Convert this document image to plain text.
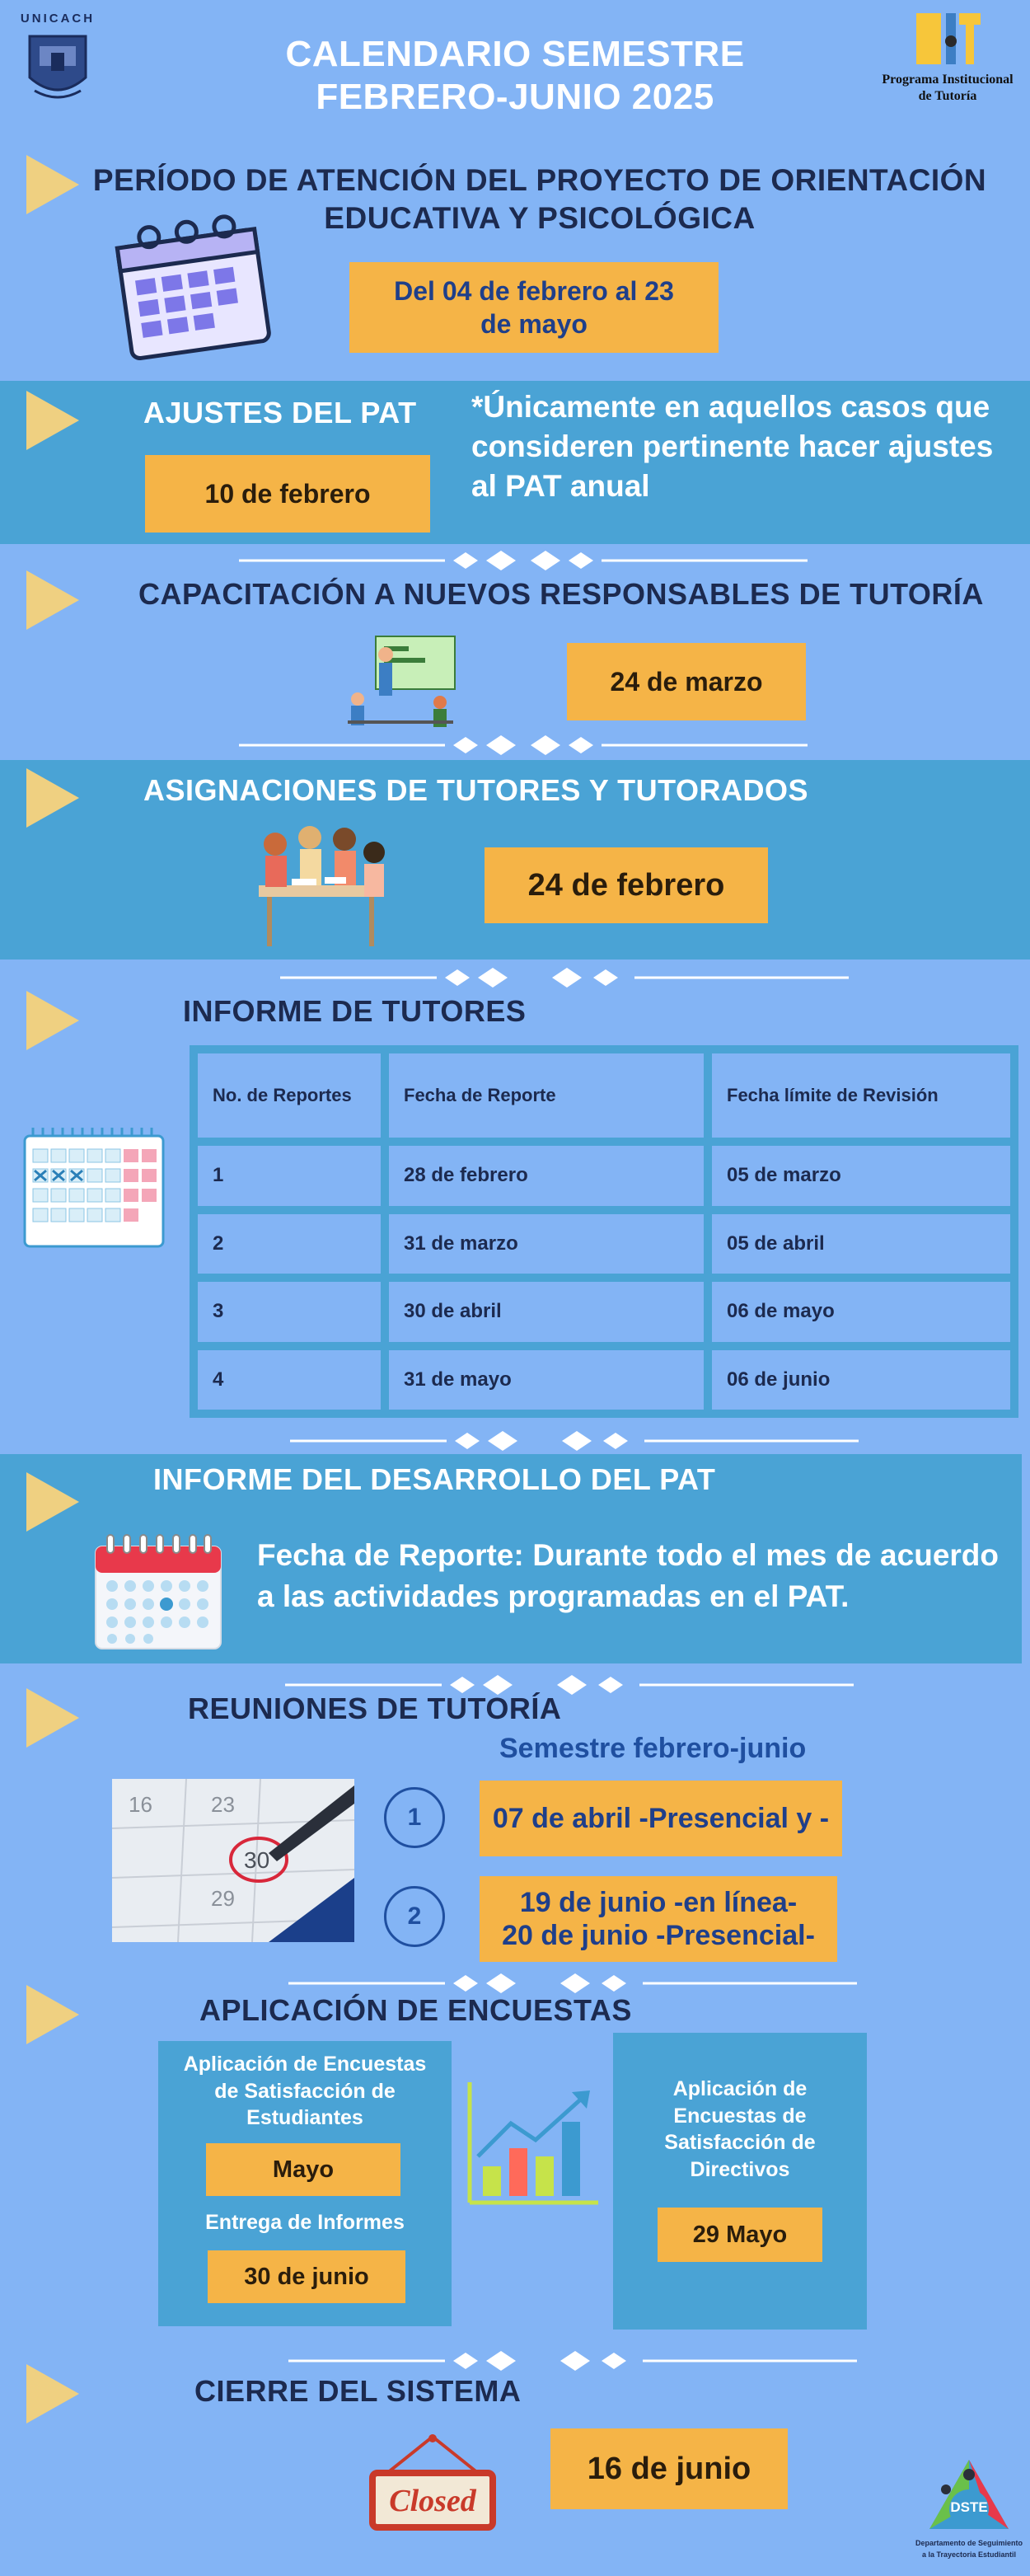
UNICACH
CALENDARIO SEMESTRE
FEBRERO-JUNIO 2025	Programa Institucional
de Tutoría
PERÍODO DE ATENCIÓN DEL PROYECTO DE ORIENTACIÓN
EDUCATIVA Y PSICOLÓGICA
Del 04 de febrero al 23
de mayo
AJUSTES DEL PAT
10 de febrero
*Únicamente en aquellos casos que
consideren pertinente hacer ajustes
al PAT anual
CAPACITACIÓN A NUEVOS RESPONSABLES DE TUTORÍA
24 de marzo
ASIGNACIONES DE TUTORES Y TUTORADOS
24 de febrero
INFORME DE TUTORES
No. de Reportes	Fecha de Reporte	Fecha límite de Revisión
1	28 de febrero	05 de marzo
2	31 de marzo	05 de abril
3	30 de abril	06 de mayo
4	31 de mayo	06 de junio
INFORME DEL DESARROLLO DEL PAT
Fecha de Reporte: Durante todo el mes de acuerdo a las actividades programadas en el PAT.
REUNIONES DE TUTORÍA
Semestre febrero-junio
16	23
29
30
1	07 de abril -Presencial y -
2	19 de junio -en línea-
20 de junio -Presencial-
APLICACIÓN DE ENCUESTAS
Aplicación de Encuestas
de Satisfacción de
Estudiantes
Mayo
Entrega de Informes
30 de junio
Aplicación de
Encuestas de
Satisfacción de
Directivos
29 Mayo
CIERRE DEL SISTEMA
Closed
16 de junio
DSTE
Departamento de Seguimiento
a la Trayectoria Estudiantil
